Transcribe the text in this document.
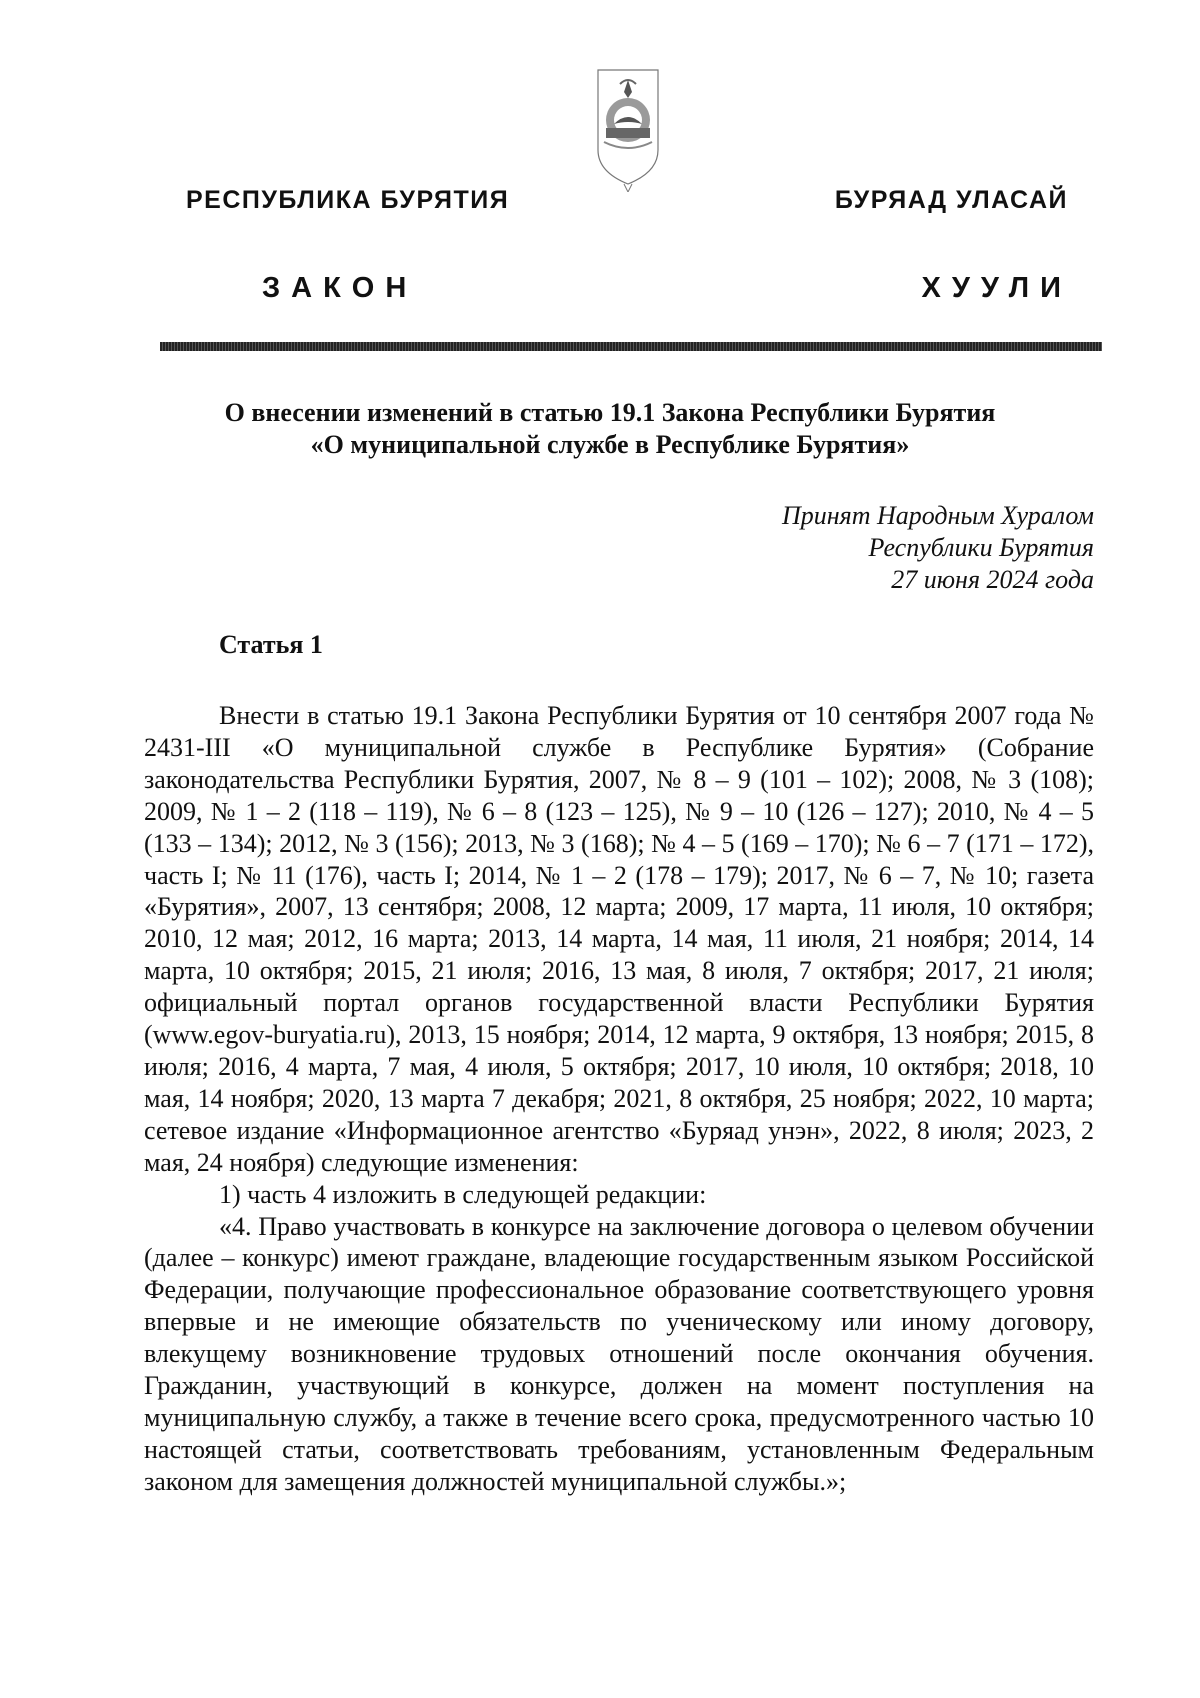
РЕСПУБЛИКА БУРЯТИЯ	БУРЯАД УЛАСАЙ
ЗАКОН	ХУУЛИ
О внесении изменений в статью 19.1 Закона Республики Бурятия
«О муниципальной службе в Республике Бурятия»
Принят Народным Хуралом
Республики Бурятия
27 июня 2024 года
Статья 1

Внести в статью 19.1 Закона Республики Бурятия от 10 сентября 2007 года № 2431-III «О муниципальной службе в Республике Бурятия» (Собрание законодательства Республики Бурятия, 2007, № 8 – 9 (101 – 102); 2008, № 3 (108); 2009, № 1 – 2 (118 – 119), № 6 – 8 (123 – 125), № 9 – 10 (126 – 127); 2010, № 4 – 5 (133 – 134); 2012, № 3 (156); 2013, № 3 (168); № 4 – 5 (169 – 170); № 6 – 7 (171 – 172), часть I; № 11 (176), часть I; 2014, № 1 – 2 (178 – 179); 2017, № 6 – 7, № 10; газета «Бурятия», 2007, 13 сентября; 2008, 12 марта; 2009, 17 марта, 11 июля, 10 октября; 2010, 12 мая; 2012, 16 марта; 2013, 14 марта, 14 мая, 11 июля, 21 ноября; 2014, 14 марта, 10 октября; 2015, 21 июля; 2016, 13 мая, 8 июля, 7 октября; 2017, 21 июля; официальный портал органов государственной власти Республики Бурятия (www.egov-buryatia.ru), 2013, 15 ноября; 2014, 12 марта, 9 октября, 13 ноября; 2015, 8 июля; 2016, 4 марта, 7 мая, 4 июля, 5 октября; 2017, 10 июля, 10 октября; 2018, 10 мая, 14 ноября; 2020, 13 марта 7 декабря; 2021, 8 октября, 25 ноября; 2022, 10 марта; сетевое издание «Информационное агентство «Буряад унэн», 2022, 8 июля; 2023, 2 мая, 24 ноября) следующие изменения:

1) часть 4 изложить в следующей редакции:

«4. Право участвовать в конкурсе на заключение договора о целевом обучении (далее – конкурс) имеют граждане, владеющие государственным языком Российской Федерации, получающие профессиональное образование соответствующего уровня впервые и не имеющие обязательств по ученическому или иному договору, влекущему возникновение трудовых отношений после окончания обучения. Гражданин, участвующий в конкурсе, должен на момент поступления на муниципальную службу, а также в течение всего срока, предусмотренного частью 10 настоящей статьи, соответствовать требованиям, установленным Федеральным законом для замещения должностей муниципальной службы.»;
